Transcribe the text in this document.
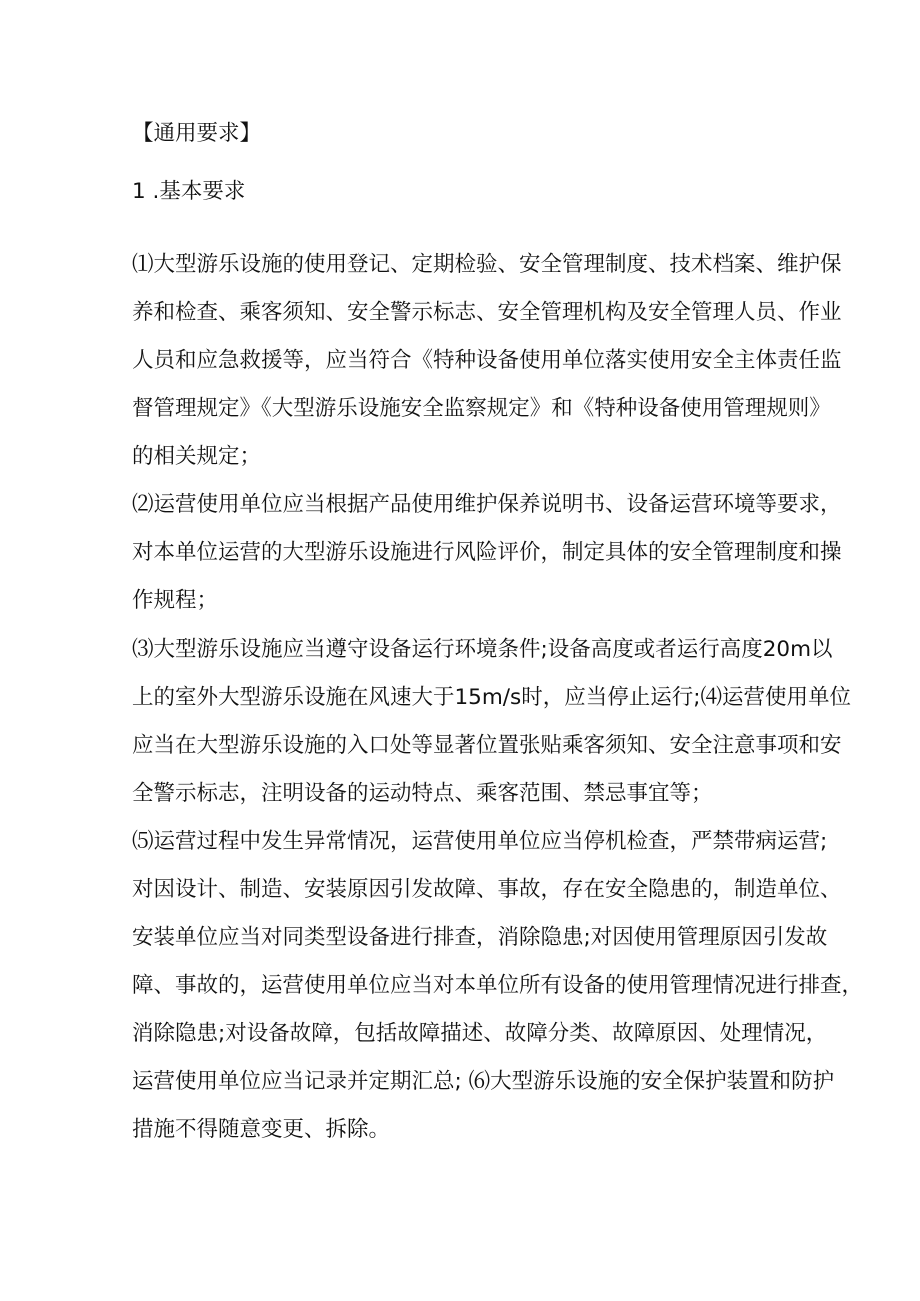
【通用要求】
1 .基本要求
⑴大型游乐设施的使用登记、定期检验、安全管理制度、技术档案、维护保
养和检查、乘客须知、安全警示标志、安全管理机构及安全管理人员、作业
人员和应急救援等，应当符合《特种设备使用单位落实使用安全主体责任监
督管理规定》《大型游乐设施安全监察规定》和《特种设备使用管理规则》
的相关规定；
⑵运营使用单位应当根据产品使用维护保养说明书、设备运营环境等要求，
对本单位运营的大型游乐设施进行风险评价，制定具体的安全管理制度和操
作规程；
⑶大型游乐设施应当遵守设备运行环境条件;设备高度或者运行高度20m以
上的室外大型游乐设施在风速大于15m∕s时，应当停止运行;⑷运营使用单位
应当在大型游乐设施的入口处等显著位置张贴乘客须知、安全注意事项和安
全警示标志，注明设备的运动特点、乘客范围、禁忌事宜等；
⑸运营过程中发生异常情况，运营使用单位应当停机检查，严禁带病运营;
对因设计、制造、安装原因引发故障、事故，存在安全隐患的，制造单位、
安装单位应当对同类型设备进行排查，消除隐患;对因使用管理原因引发故
障、事故的，运营使用单位应当对本单位所有设备的使用管理情况进行排查，
消除隐患;对设备故障，包括故障描述、故障分类、故障原因、处理情况，
运营使用单位应当记录并定期汇总; ⑹大型游乐设施的安全保护装置和防护
措施不得随意变更、拆除。
